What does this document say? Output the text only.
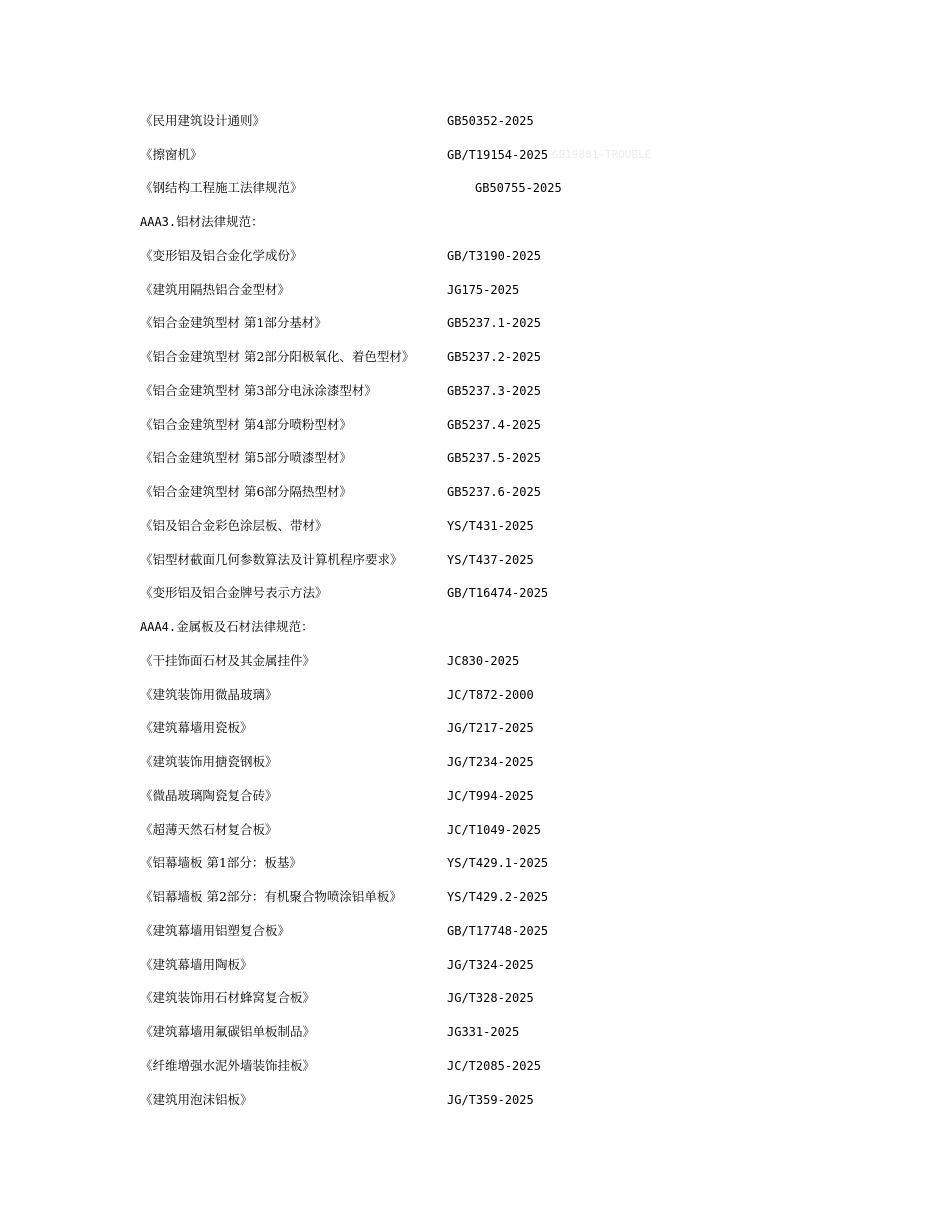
《民用建筑设计通则》	GB50352-2025
《擦窗机》	GB/T19154-2025 GB19881-TROUBLE
《钢结构工程施工法律规范》	GB50755-2025
AAA3.铝材法律规范：
《变形铝及铝合金化学成份》	GB/T3190-2025
《建筑用隔热铝合金型材》	JG175-2025
《铝合金建筑型材 第1部分基材》	GB5237.1-2025
《铝合金建筑型材 第2部分阳极氧化、着色型材》	GB5237.2-2025
《铝合金建筑型材 第3部分电泳涂漆型材》	GB5237.3-2025
《铝合金建筑型材 第4部分喷粉型材》	GB5237.4-2025
《铝合金建筑型材 第5部分喷漆型材》	GB5237.5-2025
《铝合金建筑型材 第6部分隔热型材》	GB5237.6-2025
《铝及铝合金彩色涂层板、带材》	YS/T431-2025
《铝型材截面几何参数算法及计算机程序要求》	YS/T437-2025
《变形铝及铝合金牌号表示方法》	GB/T16474-2025
AAA4.金属板及石材法律规范：
《干挂饰面石材及其金属挂件》	JC830-2025
《建筑装饰用微晶玻璃》	JC/T872-2000
《建筑幕墙用瓷板》	JG/T217-2025
《建筑装饰用搪瓷钢板》	JG/T234-2025
《微晶玻璃陶瓷复合砖》	JC/T994-2025
《超薄天然石材复合板》	JC/T1049-2025
《铝幕墙板 第1部分：板基》	YS/T429.1-2025
《铝幕墙板 第2部分：有机聚合物喷涂铝单板》	YS/T429.2-2025
《建筑幕墙用铝塑复合板》	GB/T17748-2025
《建筑幕墙用陶板》	JG/T324-2025
《建筑装饰用石材蜂窝复合板》	JG/T328-2025
《建筑幕墙用氟碳铝单板制品》	JG331-2025
《纤维增强水泥外墙装饰挂板》	JC/T2085-2025
《建筑用泡沫铝板》	JG/T359-2025
